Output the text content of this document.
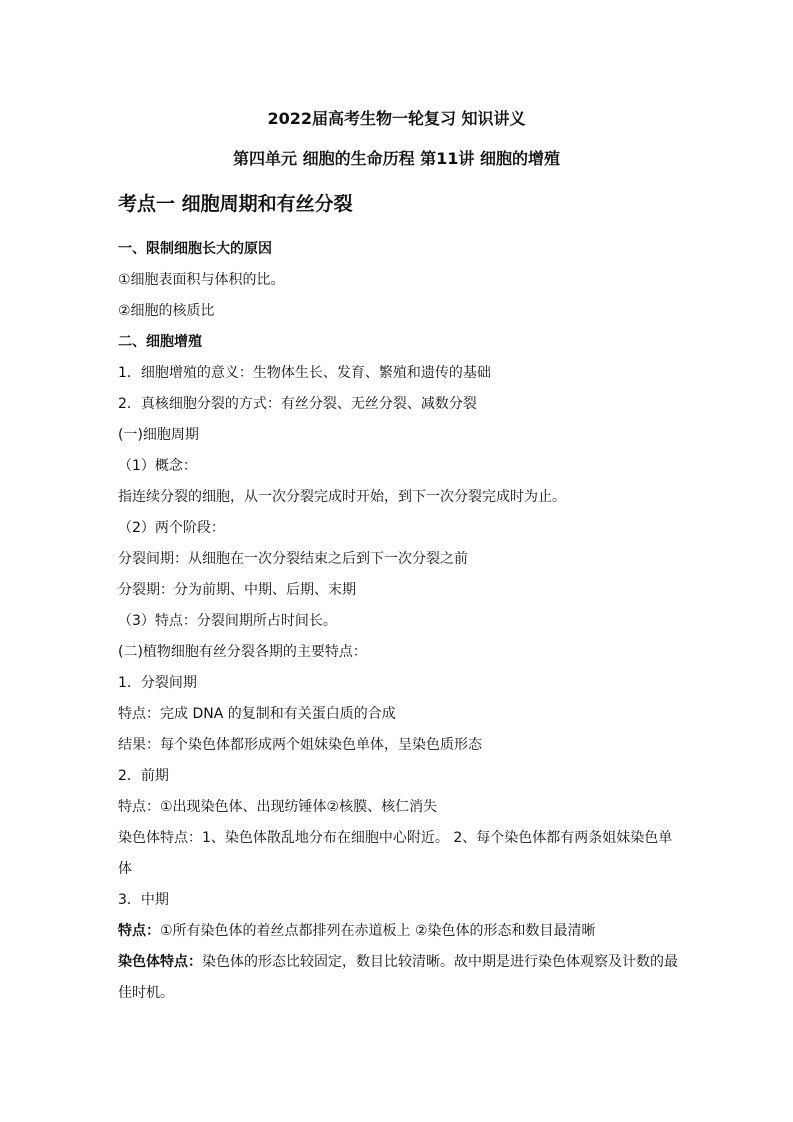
2022届高考生物一轮复习 知识讲义
第四单元 细胞的生命历程 第11讲 细胞的增殖
考点一 细胞周期和有丝分裂
一、限制细胞长大的原因
①细胞表面积与体积的比。
②细胞的核质比
二、细胞增殖
1．细胞增殖的意义：生物体生长、发育、繁殖和遗传的基础
2．真核细胞分裂的方式：有丝分裂、无丝分裂、减数分裂
(一)细胞周期
（1）概念：
指连续分裂的细胞，从一次分裂完成时开始，到下一次分裂完成时为止。
（2）两个阶段：
分裂间期：从细胞在一次分裂结束之后到下一次分裂之前
分裂期：分为前期、中期、后期、末期
（3）特点：分裂间期所占时间长。
(二)植物细胞有丝分裂各期的主要特点：
1．分裂间期
特点：完成 DNA 的复制和有关蛋白质的合成
结果：每个染色体都形成两个姐妹染色单体，呈染色质形态
2．前期
特点：①出现染色体、出现纺锤体②核膜、核仁消失
染色体特点：1、染色体散乱地分布在细胞中心附近。 2、每个染色体都有两条姐妹染色单体
3．中期
特点：①所有染色体的着丝点都排列在赤道板上 ②染色体的形态和数目最清晰
染色体特点：染色体的形态比较固定，数目比较清晰。故中期是进行染色体观察及计数的最佳时机。
